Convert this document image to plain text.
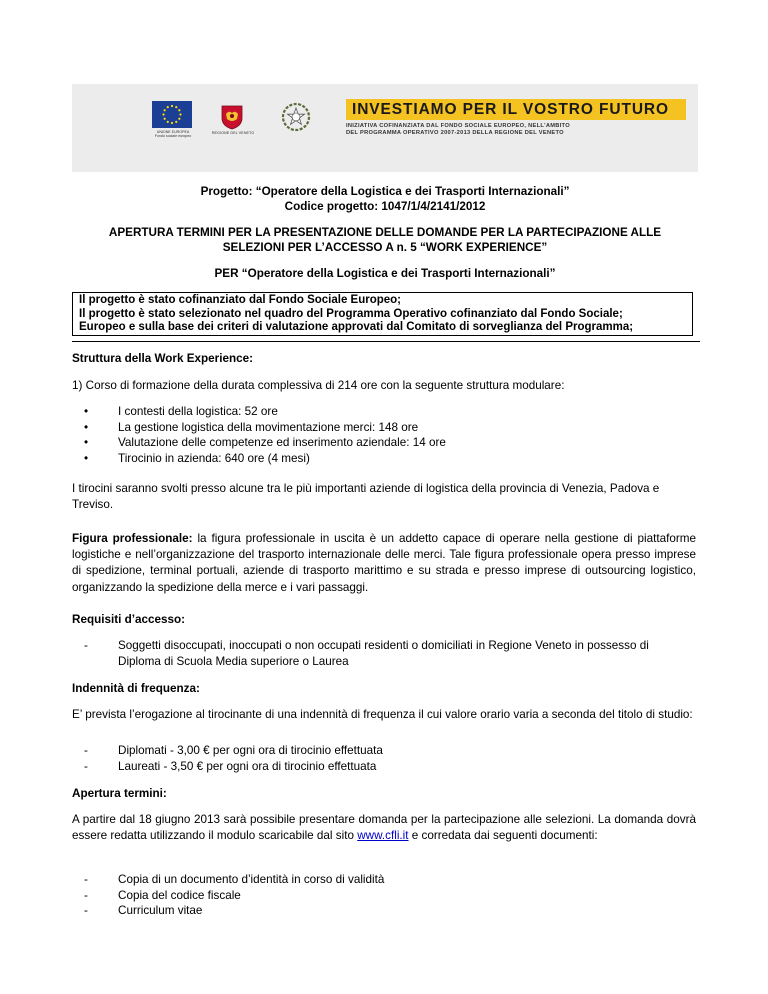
UNIONE EUROPEA
Fondo sociale europeo
REGIONE DEL VENETO
INVESTIAMO PER IL VOSTRO FUTURO
INIZIATIVA COFINANZIATA DAL FONDO SOCIALE EUROPEO, NELL'AMBITO
DEL PROGRAMMA OPERATIVO 2007-2013 DELLA REGIONE DEL VENETO
Progetto: “Operatore della Logistica e dei Trasporti Internazionali”
Codice progetto: 1047/1/4/2141/2012
APERTURA TERMINI PER LA PRESENTAZIONE DELLE DOMANDE PER LA PARTECIPAZIONE ALLE
SELEZIONI PER L’ACCESSO A n. 5 “WORK EXPERIENCE”
PER “Operatore della Logistica e dei Trasporti Internazionali”
Il progetto è stato cofinanziato dal Fondo Sociale Europeo;
Il progetto è stato selezionato nel quadro del Programma Operativo cofinanziato dal Fondo Sociale;
Europeo e sulla base dei criteri di valutazione approvati dal Comitato di sorveglianza del Programma;
Struttura della Work Experience:
1) Corso di formazione della durata complessiva di 214 ore con la seguente struttura modulare:
•	I contesti della logistica: 52 ore
•	La gestione logistica della movimentazione merci: 148 ore
•	Valutazione delle competenze ed inserimento aziendale: 14 ore
•	Tirocinio in azienda: 640 ore (4 mesi)
I tirocini saranno svolti presso alcune tra le più importanti aziende di logistica della provincia di Venezia, Padova e Treviso.
Figura professionale: la figura professionale in uscita è un addetto capace di operare nella gestione di piattaforme logistiche e nell’organizzazione del trasporto internazionale delle merci. Tale figura professionale opera presso imprese di spedizione, terminal portuali, aziende di trasporto marittimo e su strada e presso imprese di outsourcing logistico, organizzando la spedizione della merce e i vari passaggi.
Requisiti d’accesso:
-	Soggetti disoccupati, inoccupati o non occupati residenti o domiciliati in Regione Veneto in possesso di Diploma di Scuola Media superiore o Laurea
Indennità di frequenza:
E’ prevista l’erogazione al tirocinante di una indennità di frequenza il cui valore orario varia a seconda del titolo di studio:
-	Diplomati - 3,00 € per ogni ora di tirocinio effettuata
-	Laureati - 3,50 € per ogni ora di tirocinio effettuata
Apertura termini:
A partire dal 18 giugno 2013 sarà possibile presentare domanda per la partecipazione alle selezioni. La domanda dovrà essere redatta utilizzando il modulo scaricabile dal sito www.cfli.it e corredata dai seguenti documenti:
-	Copia di un documento d’identità in corso di validità
-	Copia del codice fiscale
-	Curriculum vitae
